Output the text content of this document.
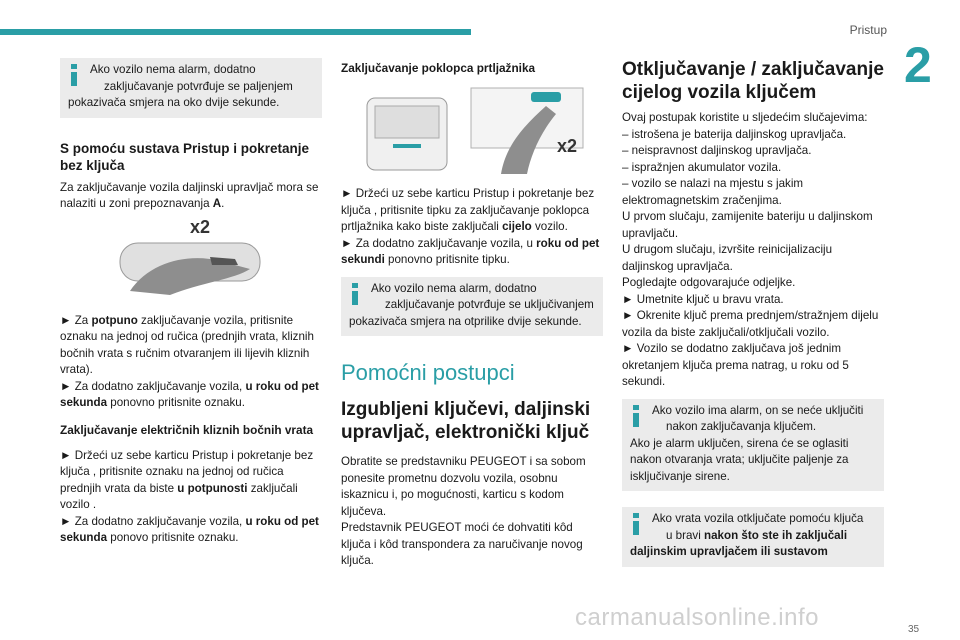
Pristup
2

Ako vozilo nema alarm, dodatno

zaključavanje potvrđuje se paljenjem

pokazivača smjera na oko dvije sekunde.

S pomoću sustava Pristup i pokretanje bez ključa

Za zaključavanje vozila daljinski upravljač mora se nalaziti u zoni prepoznavanja A.

x2

► Za potpuno zaključavanje vozila, pritisnite oznaku na jednoj od ručica (prednjih vrata, kliznih bočnih vrata s ručnim otvaranjem ili lijevih kliznih vrata).

► Za dodatno zaključavanje vozila, u roku od pet sekunda ponovno pritisnite oznaku.

Zaključavanje električnih kliznih bočnih vrata

► Držeći uz sebe karticu Pristup i pokretanje bez ključa , pritisnite oznaku na jednoj od ručica prednjih vrata da biste u potpunosti zaključali vozilo .

► Za dodatno zaključavanje vozila, u roku od pet sekunda ponovo pritisnite oznaku.

Zaključavanje poklopca prtljažnika
x2

► Držeći uz sebe karticu Pristup i pokretanje bez ključa , pritisnite tipku za zaključavanje poklopca prtljažnika kako biste zaključali cijelo vozilo.

► Za dodatno zaključavanje vozila, u roku od pet sekundi ponovno pritisnite tipku.

Ako vozilo nema alarm, dodatno

zaključavanje potvrđuje se uključivanjem

pokazivača smjera na otprilike dvije sekunde.

Pomoćni postupci
Izgubljeni ključevi, daljinski upravljač, elektronički ključ

Obratite se predstavniku PEUGEOT i sa sobom ponesite prometnu dozvolu vozila, osobnu iskaznicu i, po mogućnosti, karticu s kodom ključeva.

Predstavnik PEUGEOT moći će dohvatiti kôd ključa i kôd transpondera za naručivanje novog ključa.

Otključavanje / zaključavanje cijelog vozila ključem

Ovaj postupak koristite u sljedećim slučajevima:

– istrošena je baterija daljinskog upravljača.

– neispravnost daljinskog upravljača.

– ispražnjen akumulator vozila.

– vozilo se nalazi na mjestu s jakim elektromagnetskim zračenjima.

U prvom slučaju, zamijenite bateriju u daljinskom upravljaču.

U drugom slučaju, izvršite reinicijalizaciju daljinskog upravljača.

Pogledajte odgovarajuće odjeljke.

► Umetnite ključ u bravu vrata.

► Okrenite ključ prema prednjem/stražnjem dijelu vozila da biste zaključali/otključali vozilo.

► Vozilo se dodatno zaključava još jednim okretanjem ključa prema natrag, u roku od 5 sekundi.

Ako vozilo ima alarm, on se neće uključiti

nakon zaključavanja ključem.

Ako je alarm uključen, sirena će se oglasiti nakon otvaranja vrata; uključite paljenje za isključivanje sirene.

Ako vrata vozila otključate pomoću ključa

u bravi nakon što ste ih zaključali

daljinskim upravljačem ili sustavom

carmanualsonline.info	35
